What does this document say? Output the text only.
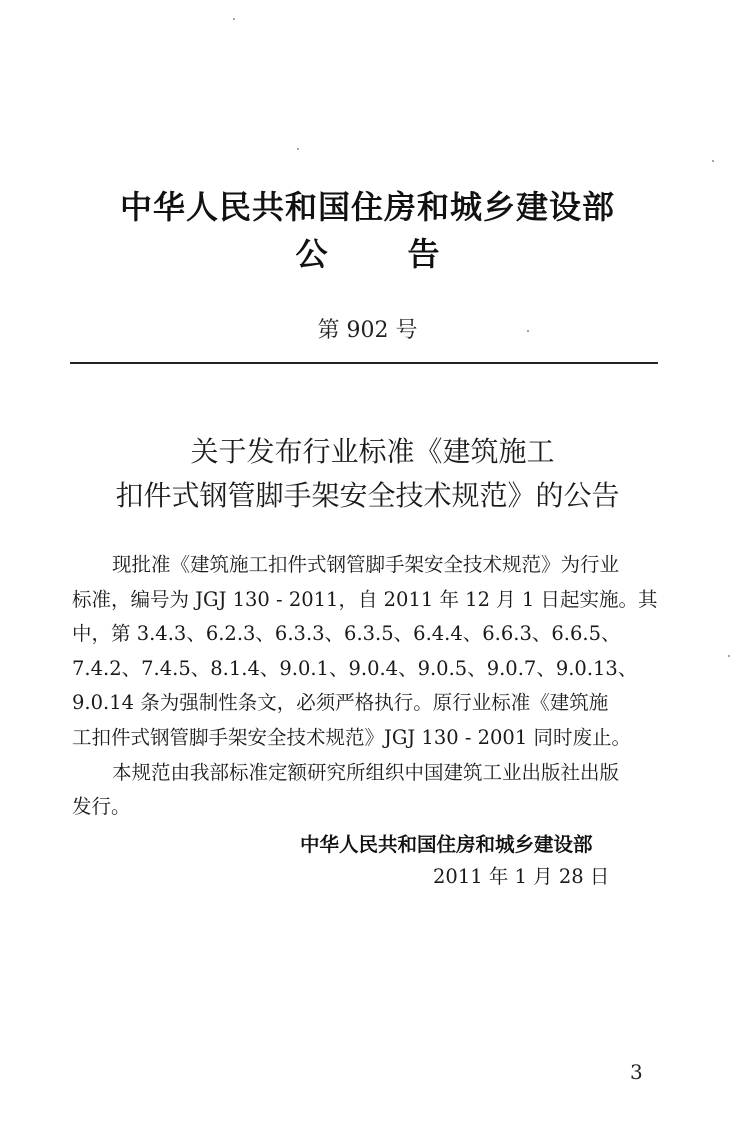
中华人民共和国住房和城乡建设部
公	告
第 902 号
关于发布行业标准《建筑施工
扣件式钢管脚手架安全技术规范》的公告
现批准《建筑施工扣件式钢管脚手架安全技术规范》为行业
标准，编号为 JGJ 130 - 2011，自 2011 年 12 月 1 日起实施。其
中，第 3.4.3、6.2.3、6.3.3、6.3.5、6.4.4、6.6.3、6.6.5、
7.4.2、7.4.5、8.1.4、9.0.1、9.0.4、9.0.5、9.0.7、9.0.13、
9.0.14 条为强制性条文，必须严格执行。原行业标准《建筑施
工扣件式钢管脚手架安全技术规范》JGJ 130 - 2001 同时废止。
本规范由我部标准定额研究所组织中国建筑工业出版社出版
发行。
中华人民共和国住房和城乡建设部
2011 年 1 月 28 日
3
